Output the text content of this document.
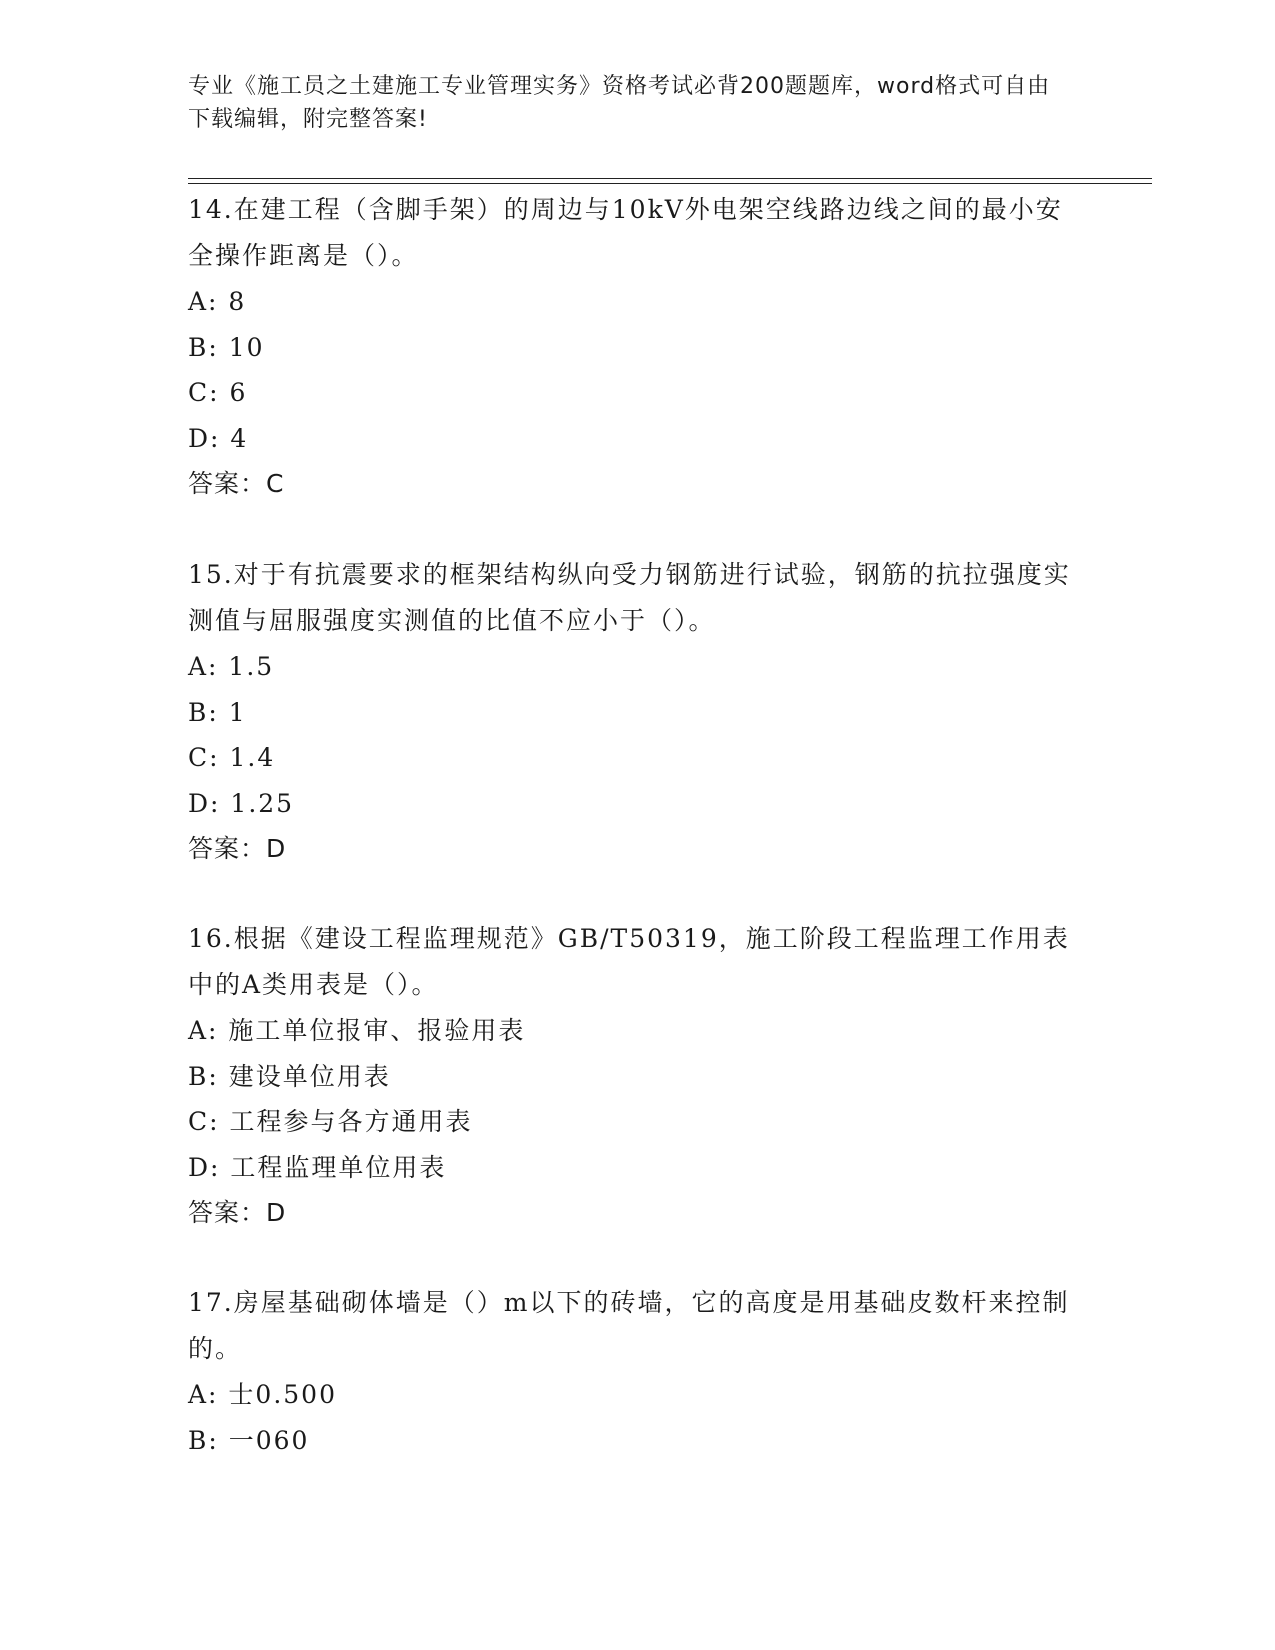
专业《施工员之土建施工专业管理实务》资格考试必背200题题库，word格式可自由下载编辑，附完整答案!
14.在建工程（含脚手架）的周边与10kV外电架空线路边线之间的最小安全操作距离是（）。
A: 8
B: 10
C: 6
D: 4
答案：C
15.对于有抗震要求的框架结构纵向受力钢筋进行试验，钢筋的抗拉强度实测值与屈服强度实测值的比值不应小于（）。
A: 1.5
B: 1
C: 1.4
D: 1.25
答案：D
16.根据《建设工程监理规范》GB/T50319，施工阶段工程监理工作用表中的A类用表是（）。
A: 施工单位报审、报验用表
B: 建设单位用表
C: 工程参与各方通用表
D: 工程监理单位用表
答案：D
17.房屋基础砌体墙是（）m以下的砖墙，它的高度是用基础皮数杆来控制的。
A: 士0.500
B: 一060
